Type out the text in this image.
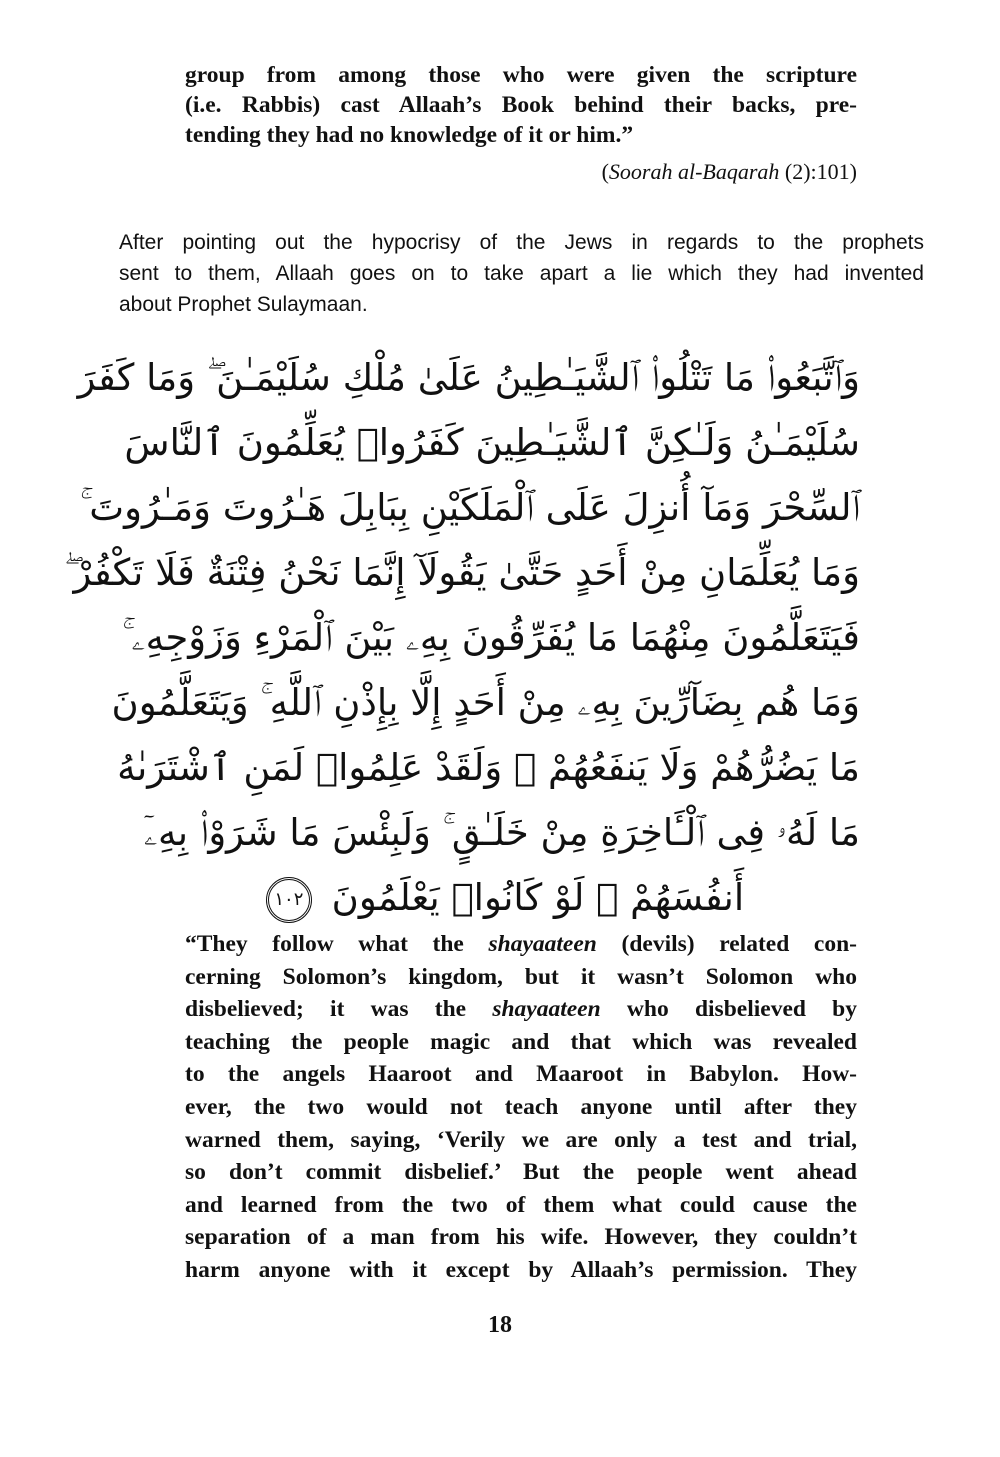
group from among those who were given the scripture
(i.e. Rabbis) cast Allaah’s Book behind their backs, pre-
tending they had no knowledge of it or him.”
(Soorah al-Baqarah (2):101)
After pointing out the hypocrisy of the Jews in regards to the prophets
sent to them, Allaah goes on to take apart a lie which they had invented
about Prophet Sulaymaan.
وَٱتَّبَعُوا۟ مَا تَتْلُوا۟ ٱلشَّيَـٰطِينُ عَلَىٰ مُلْكِ سُلَيْمَـٰنَ ۖ وَمَا كَفَرَ
سُلَيْمَـٰنُ وَلَـٰكِنَّ ٱلشَّيَـٰطِينَ كَفَرُوا۟ يُعَلِّمُونَ ٱلنَّاسَ
ٱلسِّحْرَ وَمَآ أُنزِلَ عَلَى ٱلْمَلَكَيْنِ بِبَابِلَ هَـٰرُوتَ وَمَـٰرُوتَ ۚ
وَمَا يُعَلِّمَانِ مِنْ أَحَدٍ حَتَّىٰ يَقُولَآ إِنَّمَا نَحْنُ فِتْنَةٌ فَلَا تَكْفُرْ ۖ
فَيَتَعَلَّمُونَ مِنْهُمَا مَا يُفَرِّقُونَ بِهِۦ بَيْنَ ٱلْمَرْءِ وَزَوْجِهِۦ ۚ
وَمَا هُم بِضَآرِّينَ بِهِۦ مِنْ أَحَدٍ إِلَّا بِإِذْنِ ٱللَّهِ ۚ وَيَتَعَلَّمُونَ
مَا يَضُرُّهُمْ وَلَا يَنفَعُهُمْ ۚ وَلَقَدْ عَلِمُوا۟ لَمَنِ ٱشْتَرَىٰهُ
مَا لَهُۥ فِى ٱلْـَٔاخِرَةِ مِنْ خَلَـٰقٍ ۚ وَلَبِئْسَ مَا شَرَوْا۟ بِهِۦٓ
أَنفُسَهُمْ ۚ لَوْ كَانُوا۟ يَعْلَمُونَ ١٠٢
“They follow what the shayaateen (devils) related con-
cerning Solomon’s kingdom, but it wasn’t Solomon who
disbelieved; it was the shayaateen who disbelieved by
teaching the people magic and that which was revealed
to the angels Haaroot and Maaroot in Babylon. How-
ever, the two would not teach anyone until after they
warned them, saying, ‘Verily we are only a test and trial,
so don’t commit disbelief.’ But the people went ahead
and learned from the two of them what could cause the
separation of a man from his wife. However, they couldn’t
harm anyone with it except by Allaah’s permission. They
18
